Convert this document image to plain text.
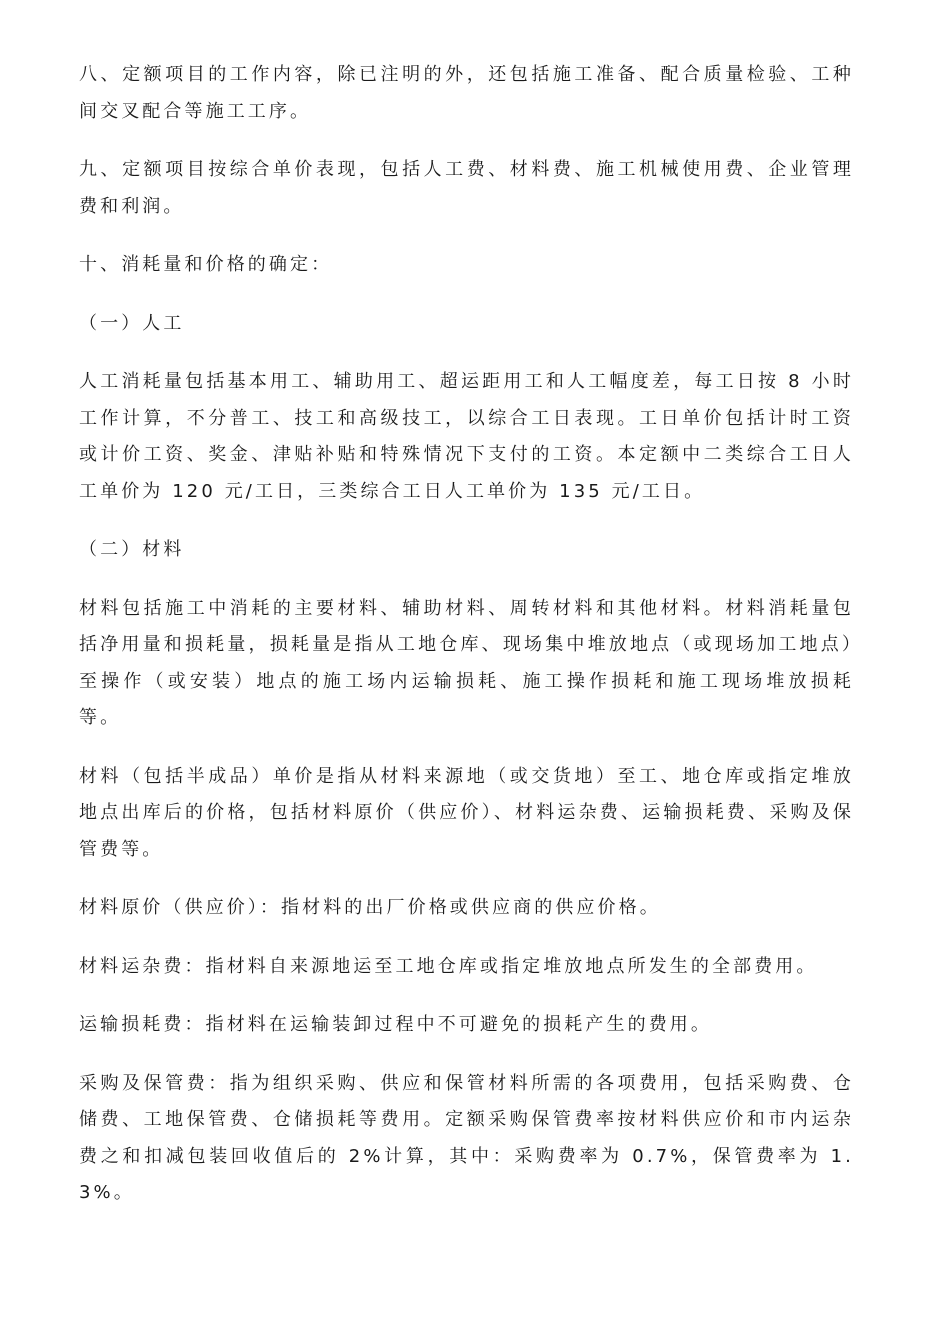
八、定额项目的工作内容，除已注明的外，还包括施工准备、配合质量检验、工种间交叉配合等施工工序。

九、定额项目按综合单价表现，包括人工费、材料费、施工机械使用费、企业管理费和利润。

十、消耗量和价格的确定：

（一）人工

人工消耗量包括基本用工、辅助用工、超运距用工和人工幅度差，每工日按 8 小时工作计算，不分普工、技工和高级技工，以综合工日表现。工日单价包括计时工资或计价工资、奖金、津贴补贴和特殊情况下支付的工资。本定额中二类综合工日人工单价为 120 元/工日，三类综合工日人工单价为 135 元/工日。

（二）材料

材料包括施工中消耗的主要材料、辅助材料、周转材料和其他材料。材料消耗量包括净用量和损耗量，损耗量是指从工地仓库、现场集中堆放地点（或现场加工地点）至操作（或安装）地点的施工场内运输损耗、施工操作损耗和施工现场堆放损耗等。

材料（包括半成品）单价是指从材料来源地（或交货地）至工、地仓库或指定堆放地点出库后的价格，包括材料原价（供应价）、材料运杂费、运输损耗费、采购及保管费等。

材料原价（供应价）：指材料的出厂价格或供应商的供应价格。

材料运杂费：指材料自来源地运至工地仓库或指定堆放地点所发生的全部费用。

运输损耗费：指材料在运输装卸过程中不可避免的损耗产生的费用。

采购及保管费：指为组织采购、供应和保管材料所需的各项费用，包括采购费、仓储费、工地保管费、仓储损耗等费用。定额采购保管费率按材料供应价和市内运杂费之和扣减包装回收值后的 2%计算，其中：采购费率为 0.7%，保管费率为 1.3%。
